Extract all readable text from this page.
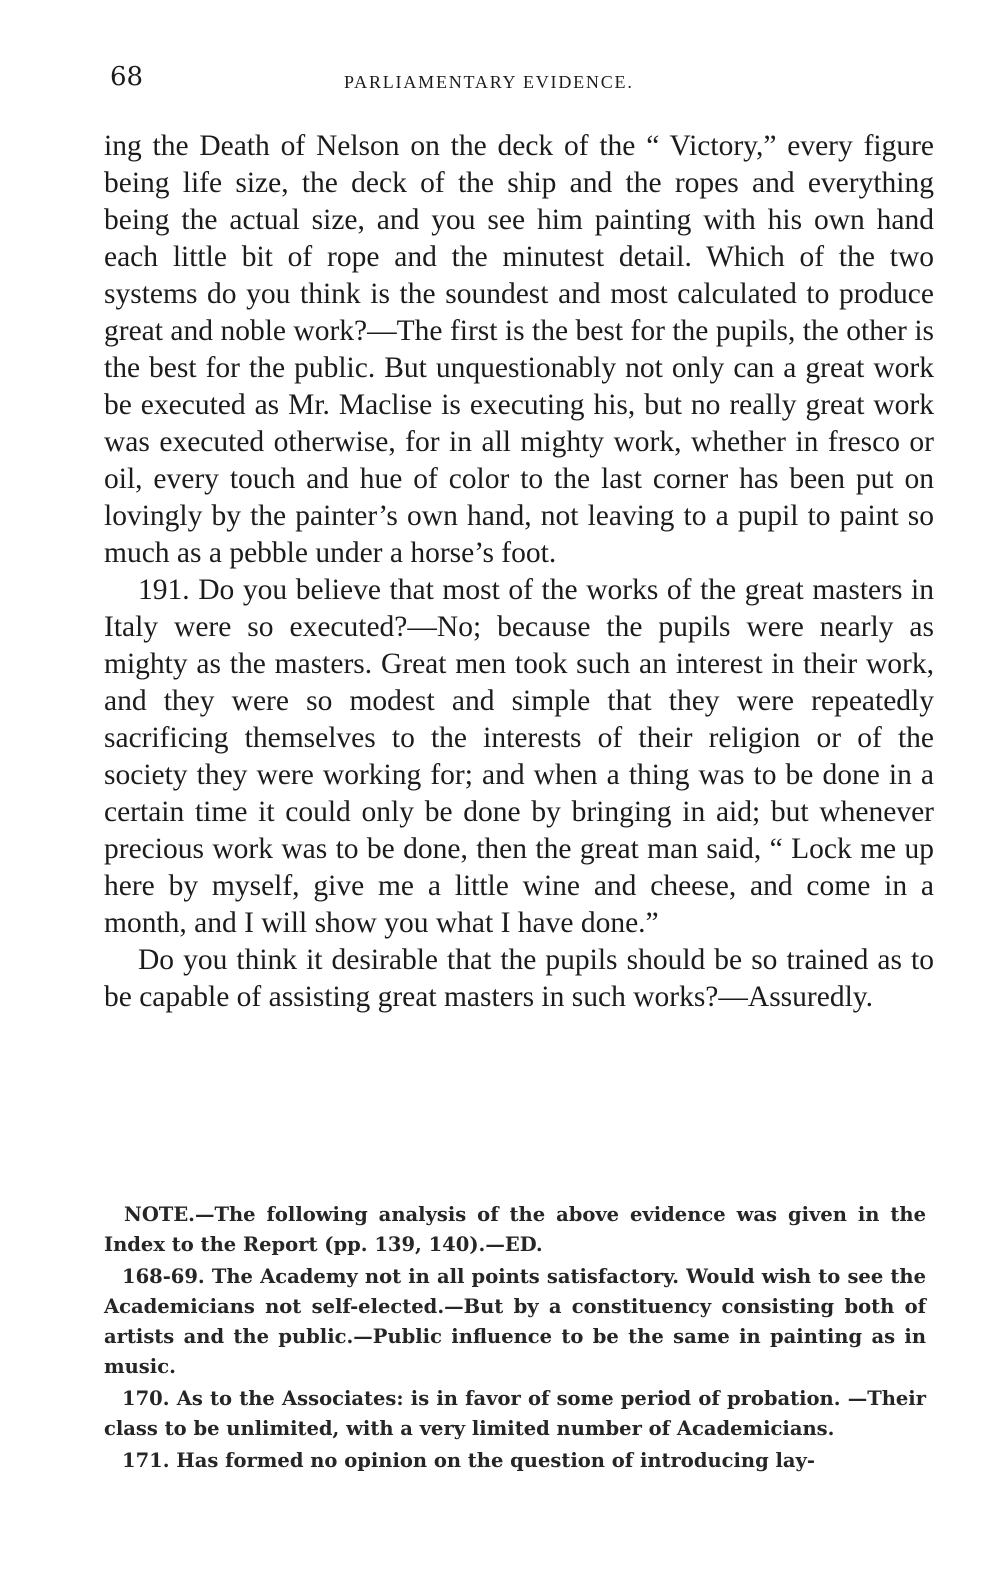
68	PARLIAMENTARY EVIDENCE.

ing the Death of Nelson on the deck of the “ Victory,” every figure being life size, the deck of the ship and the ropes and everything being the actual size, and you see him painting with his own hand each little bit of rope and the minutest detail. Which of the two systems do you think is the soundest and most calculated to produce great and noble work?—The first is the best for the pupils, the other is the best for the public. But unquestionably not only can a great work be executed as Mr. Maclise is executing his, but no really great work was executed otherwise, for in all mighty work, whether in fresco or oil, every touch and hue of color to the last corner has been put on lovingly by the painter’s own hand, not leaving to a pupil to paint so much as a pebble under a horse’s foot.

191. Do you believe that most of the works of the great masters in Italy were so executed?—No; because the pupils were nearly as mighty as the masters. Great men took such an interest in their work, and they were so modest and simple that they were repeatedly sacrificing themselves to the interests of their religion or of the society they were working for; and when a thing was to be done in a certain time it could only be done by bringing in aid; but whenever precious work was to be done, then the great man said, “ Lock me up here by myself, give me a little wine and cheese, and come in a month, and I will show you what I have done.”

Do you think it desirable that the pupils should be so trained as to be capable of assisting great masters in such works?—Assuredly.

NOTE.—The following analysis of the above evidence was given in the Index to the Report (pp. 139, 140).—ED.

168-69. The Academy not in all points satisfactory. Would wish to see the Academicians not self-elected.—But by a constituency consisting both of artists and the public.—Public influence to be the same in painting as in music.

170. As to the Associates: is in favor of some period of probation. —Their class to be unlimited, with a very limited number of Academicians.

171. Has formed no opinion on the question of introducing lay-
